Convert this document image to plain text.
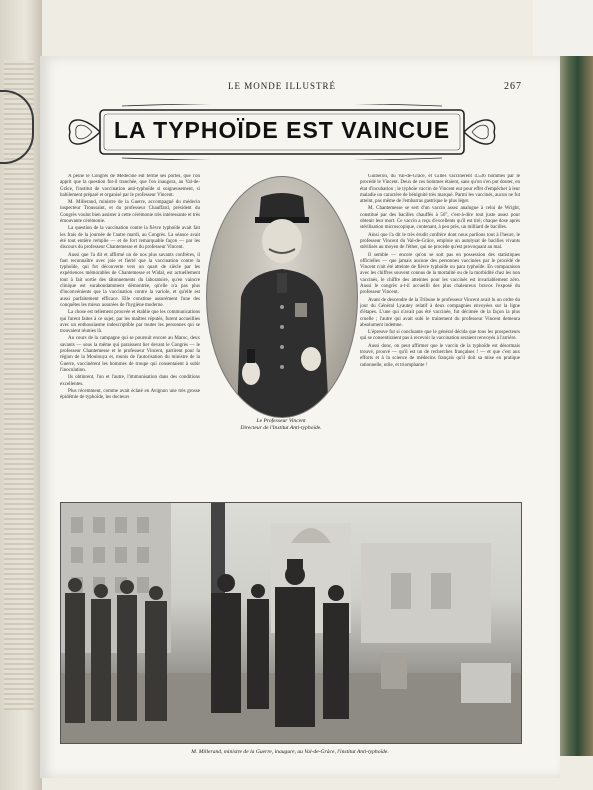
LE MONDE ILLUSTRÉ	267
LA TYPHOÏDE EST VAINCUE

A peine le Congrès de Médecine eut fermé ses portes, que l'on apprit que la question fut-il tranchée, que l'on inaugura, au Val-de-Grâce, l'institut de vaccination anti-typhoïde si soigneusement, si habilement préparé et organisé par le professeur Vincent.

M. Millerand, ministre de la Guerre, accompagné du médecin inspecteur Troussaint, et du professeur Chauffard, président du Congrès voulut bien assister à cette cérémonie très intéressante et très émouvante cérémonie.

La question de la vaccination contre la fièvre typhoïde avait fait les frais de la journée de l'autre mardi, au Congrès. La séance avait été tout entière remplie — et de fort remarquable façon — par les discours du professeur Chantemesse et du professeur Vincent.

Aussi que l'a dit et affirmé un de nos plus savants confrères, il faut reconnaître avec joie et fierté que la vaccination contre la typhoïde, qui fut découverte vers un quart de siècle par les expériences mémorables de Chantemesse et Widal, est actuellement tout à fait sortie des tâtonnements du laboratoire, qu'en vaincre clinique est surabondamment démontrée, qu'elle n'a pas plus d'inconvénients que la vaccination contre la variole, et qu'elle est aussi parfaitement efficace. Elle constitue assurément l'une des conquêtes les mieux assurées de l'hygiène moderne.

La chose est tellement prouvée et établie que les communications qui furent faites à ce sujet, par les maîtres réputés, furent accueillies avec un enthousiasme indescriptible par toutes les personnes qui se trouvaient réunies là.

Au cours de la campagne qui se poursuit encore au Maroc, deux savants — sous la même qui paraissent lier devant le Congrès — le professeur Chantemesse et le professeur Vincent, partirent pour la région de la Moulouya et, munis de l'autorisation du ministre de la Guerre, vaccinèrent les hommes de troupe qui consentaient à subir l'inoculation.

Ils obtinrent, l'un et l'autre, l'immunisation dans des conditions excellentes.

Plus récemment, comme avait éclaté en Avignon une très grosse épidémie de typhoïde, les docteurs

Le Professeur Vincent
Directeur de l'Institut Anti-typhoïde.

Guiberon, du Val-de-Grâce, et Gilles vaccinèrent 4.536 hommes par le procédé le Vincent. Deux de ces hommes étaient, sans qu'on s'en put douter, en état d'incubation ; le typhoïe vaccin de Vincent eut pour effet d'empêcher à leur maladie un caractère de bénignité très marqué. Parmi les vaccinés, aucun ne fut atteint, pas même de l'embarras gastrique le plus léger.

M. Chantemesse se sert d'un vaccin assez analogue à celui de Wright, constitué par des bacilles chauffés à 56°, c'est-à-dire tout juste assez pour obtenir leur mort. Ce vaccin a reçu d'excellents qu'il est tiré; chaque dose après stérilisation microscopique, contenant, à peu près, un milliard de bacilles.

Ainsi que l'a dit le très érudit confrère dont nous parlions tout à l'heure, le professeur Vincent du Val-de-Grâce, emploie un autolysat de bacilles vivants stérilisés au moyen de l'éther, qui ne procède qu'est provoquant au mal.

Il semble — encore qu'on se soit pas en possession des statistiques officielles — que jamais aucune des personnes vaccinées par le procédé de Vincent n'ait été atteinte de fièvre typhoïde ou para typhoïde. En comparaison avec les chiffres souvent connus de la mortalité ou de la morbidité chez les non vaccinés, le chiffre des atteintes pour les vaccinés est invariablement zéro. Aussi le congrès a-t-il accueilli des plus chaleureux bravos l'exposé du professeur Vincent.

Avant de descendre de la Tribune le professeur Vincent avait lu un ordre du jour du Général Lyautey relatif à deux compagnies envoyées sur la ligne d'étapes. L'une qui n'avait pas été vaccinée, fut décimée de la façon la plus cruelle ; l'autre qui avait subi le traitement du professeur Vincent demeura absolument indemne.

L'épreuve fut si concluante que le général décida que tous les prospecteurs qui se consentiraient pas à recevoir la vaccination seraient renvoyés à l'arrière.

Aussi donc, on peut affirmer que le vaccin de la typhoïde est désormais trouvé, prouvé — qu'il est un de recherches françaises ! — et que c'est aux efforts et à la science de médecins français qu'il doit sa mise en pratique rationnelle, utile, et triomphante !

M. Millerand, ministre de la Guerre, inaugure, au Val-de-Grâce, l'institut Anti-typhoïde.
